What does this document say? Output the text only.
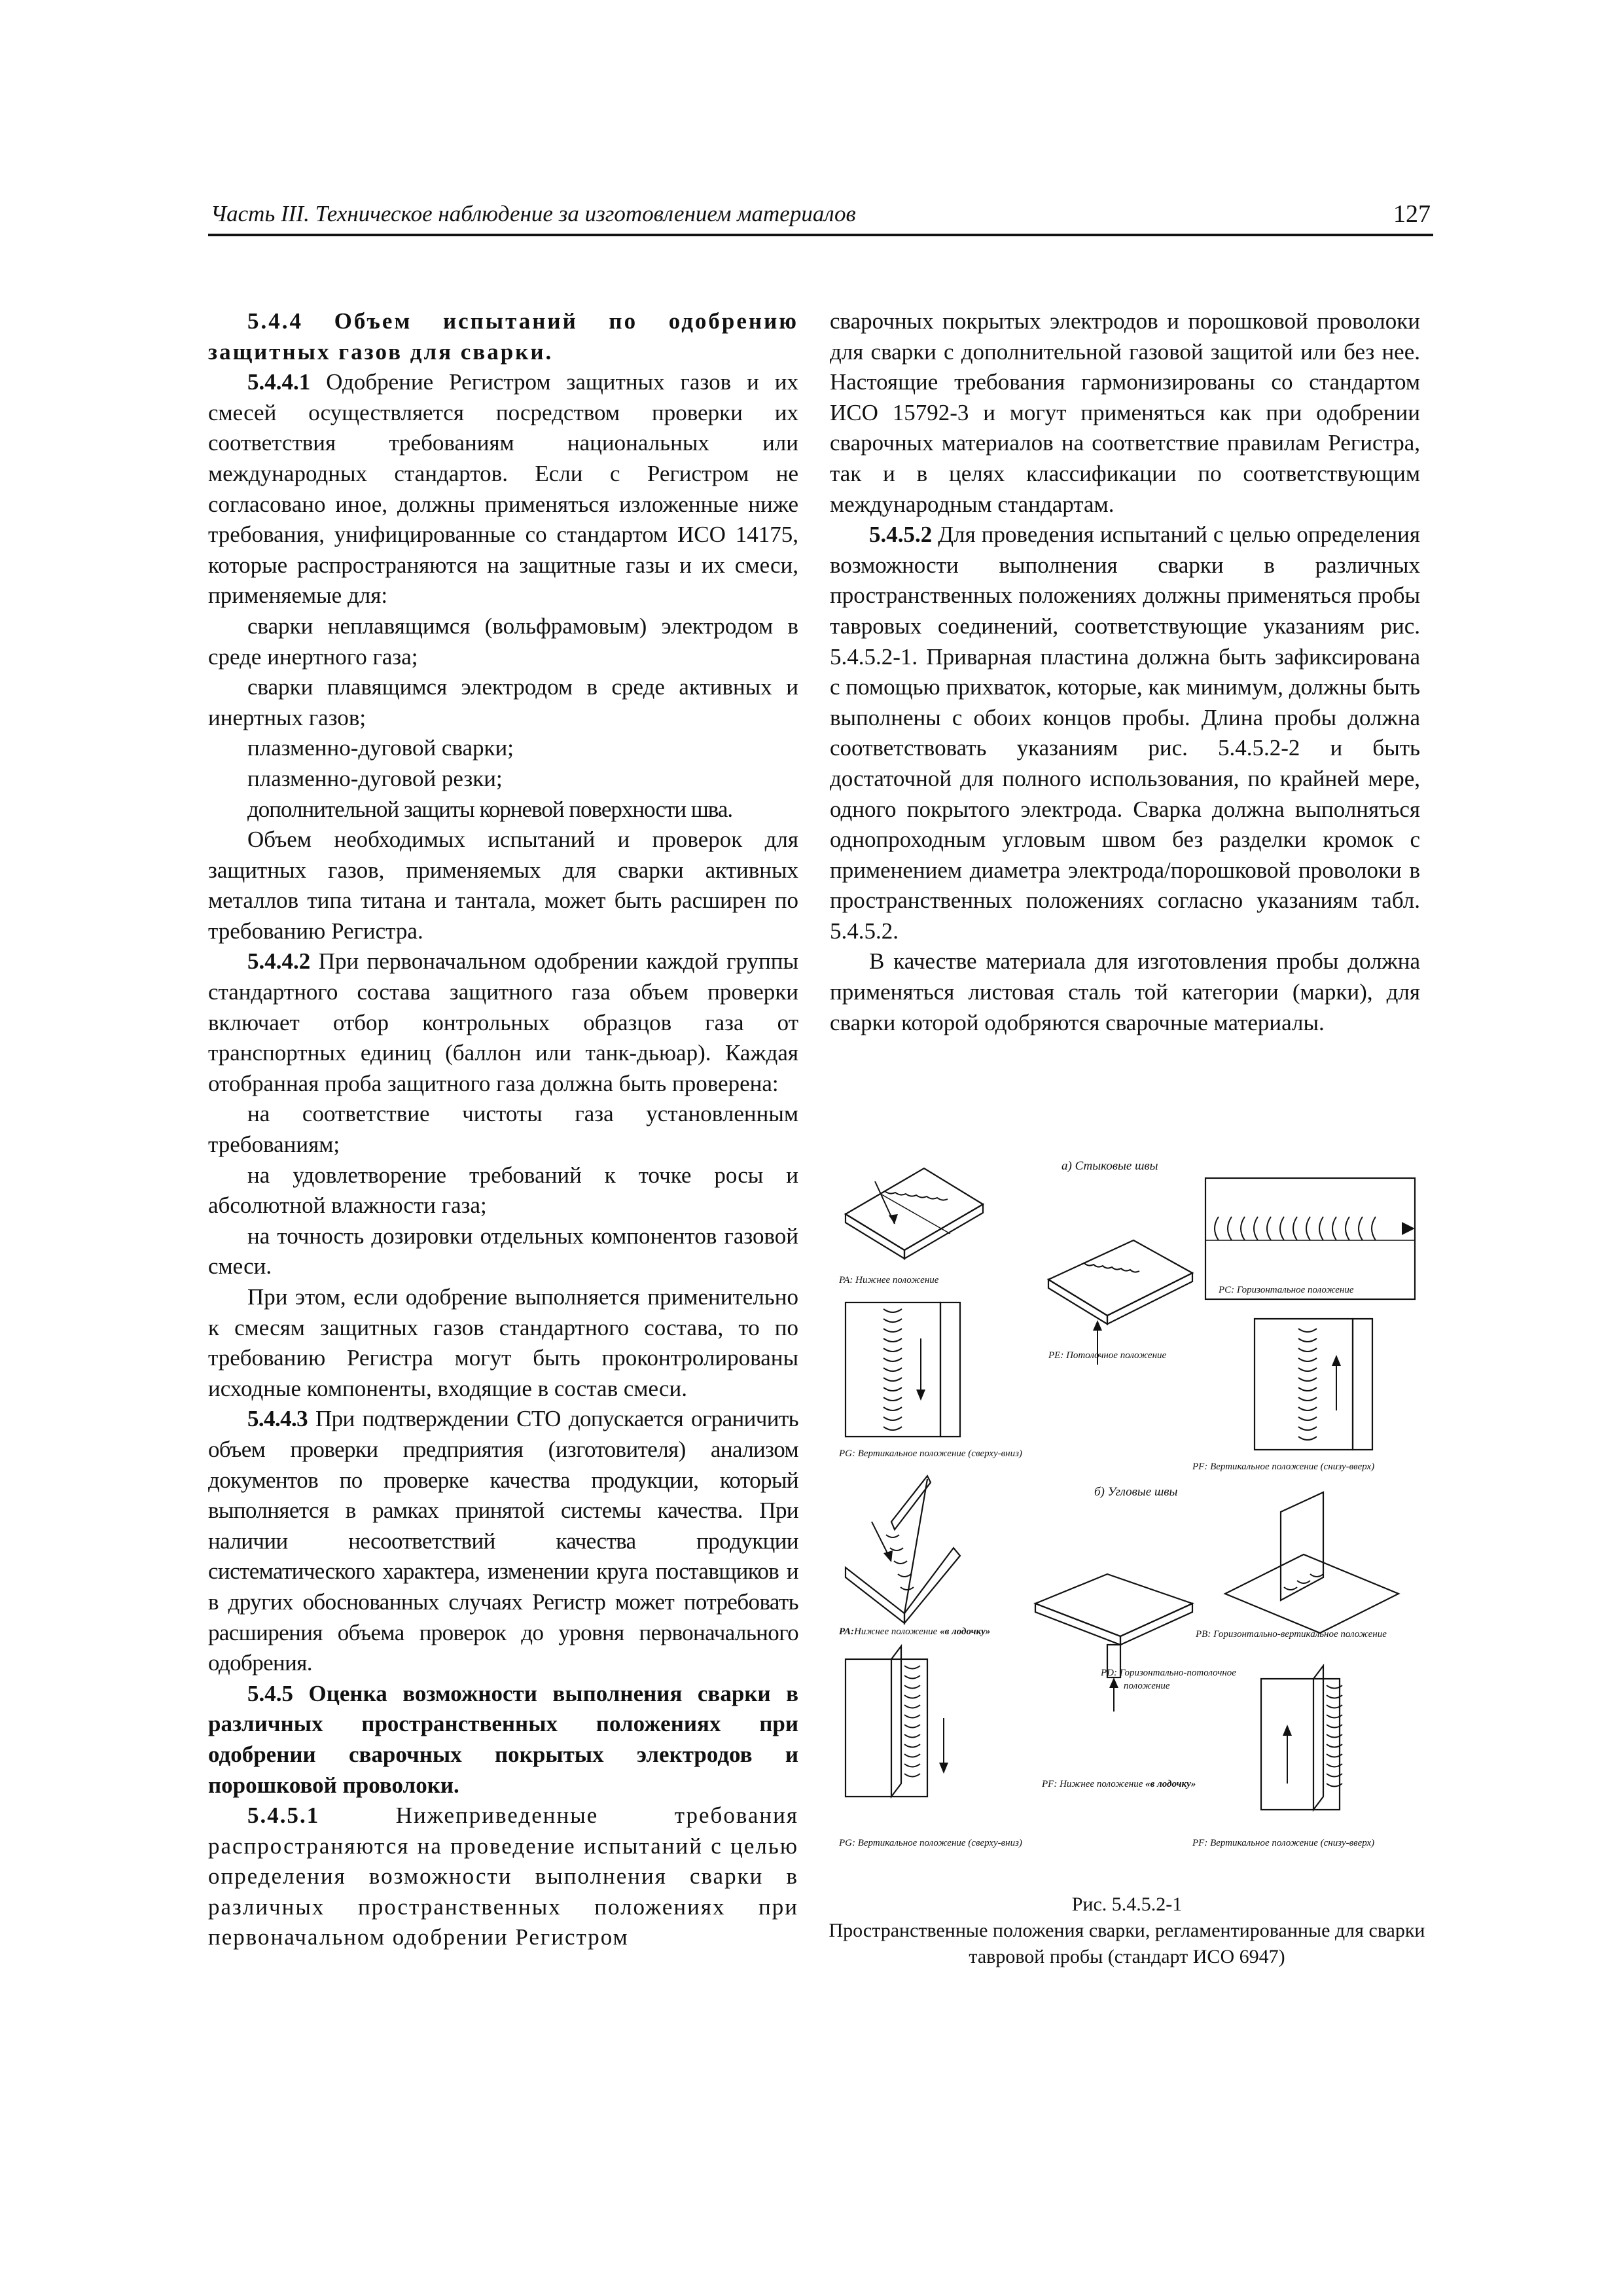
Часть III. Техническое наблюдение за изготовлением материалов	127

5.4.4 Объем испытаний по одобрению защитных газов для сварки.

5.4.4.1 Одобрение Регистром защитных газов и их смесей осуществляется посредством проверки их соответствия требованиям национальных или международных стандартов. Если с Регистром не согласовано иное, должны применяться изложенные ниже требования, унифицированные со стандартом ИСО 14175, которые распространяются на защитные газы и их смеси, применяемые для:

сварки неплавящимся (вольфрамовым) электродом в среде инертного газа;

сварки плавящимся электродом в среде активных и инертных газов;

плазменно-дуговой сварки;

плазменно-дуговой резки;

дополнительной защиты корневой поверхности шва.

Объем необходимых испытаний и проверок для защитных газов, применяемых для сварки активных металлов типа титана и тантала, может быть расширен по требованию Регистра.

5.4.4.2 При первоначальном одобрении каждой группы стандартного состава защитного газа объем проверки включает отбор контрольных образцов газа от транспортных единиц (баллон или танк-дьюар). Каждая отобранная проба защитного газа должна быть проверена:

на соответствие чистоты газа установленным требованиям;

на удовлетворение требований к точке росы и абсолютной влажности газа;

на точность дозировки отдельных компонентов газовой смеси.

При этом, если одобрение выполняется применительно к смесям защитных газов стандартного состава, то по требованию Регистра могут быть проконтролированы исходные компоненты, входящие в состав смеси.

5.4.4.3 При подтверждении СТО допускается ограничить объем проверки предприятия (изготовителя) анализом документов по проверке качества продукции, который выполняется в рамках принятой системы качества. При наличии несоответствий качества продукции систематического характера, изменении круга поставщиков и в других обоснованных случаях Регистр может потребовать расширения объема проверок до уровня первоначального одобрения.

5.4.5 Оценка возможности выполнения сварки в различных пространственных положениях при одобрении сварочных покрытых электродов и порошковой проволоки.

5.4.5.1 Нижеприведенные требования распространяются на проведение испытаний с целью определения возможности выполнения сварки в различных пространственных положениях при первоначальном одобрении Регистром

сварочных покрытых электродов и порошковой проволоки для сварки с дополнительной газовой защитой или без нее. Настоящие требования гармонизированы со стандартом ИСО 15792-3 и могут применяться как при одобрении сварочных материалов на соответствие правилам Регистра, так и в целях классификации по соответствующим международным стандартам.

5.4.5.2 Для проведения испытаний с целью определения возможности выполнения сварки в различных пространственных положениях должны применяться пробы тавровых соединений, соответствующие указаниям рис. 5.4.5.2-1. Приварная пластина должна быть зафиксирована с помощью прихваток, которые, как минимум, должны быть выполнены с обоих концов пробы. Длина пробы должна соответствовать указаниям рис. 5.4.5.2-2 и быть достаточной для полного использования, по крайней мере, одного покрытого электрода. Сварка должна выполняться однопроходным угловым швом без разделки кромок с применением диаметра электрода/порошковой проволоки в пространственных положениях согласно указаниям табл. 5.4.5.2.

В качестве материала для изготовления пробы должна применяться листовая сталь той категории (марки), для сварки которой одобряются сварочные материалы.

а) Стыковые швы
PA: Нижнее положение
PC: Горизонтальное положение
PE: Потолочное положение
PG: Вертикальное положение (сверху-вниз)
PF: Вертикальное положение (снизу-вверх)
б) Угловые швы
PA:Нижнее положение «в лодочку»	PB: Горизонтально-вертикальное положение
PD: Горизонтально-потолочное
положение
PF: Нижнее положение «в лодочку»
PG: Вертикальное положение (сверху-вниз)	PF: Вертикальное положение (снизу-вверх)
Рис. 5.4.5.2-1
Пространственные положения сварки, регламентированные для сварки тавровой пробы (стандарт ИСО 6947)
